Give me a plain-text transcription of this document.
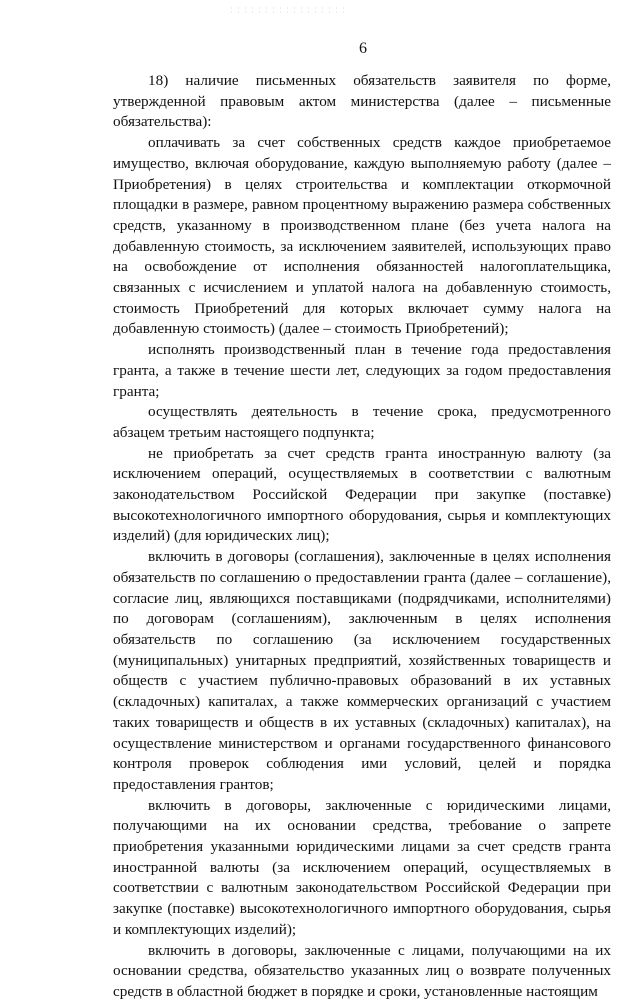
6

18) наличие письменных обязательств заявителя по форме, утвержденной правовым актом министерства (далее – письменные обязательства):

оплачивать за счет собственных средств каждое приобретаемое имущество, включая оборудование, каждую выполняемую работу (далее – Приобретения) в целях строительства и комплектации откормочной площадки в размере, равном процентному выражению размера собственных средств, указанному в производственном плане (без учета налога на добавленную стоимость, за исключением заявителей, использующих право на освобождение от исполнения обязанностей налогоплательщика, связанных с исчислением и уплатой налога на добавленную стоимость, стоимость Приобретений для которых включает сумму налога на добавленную стоимость) (далее – стоимость Приобретений);

исполнять производственный план в течение года предоставления гранта, а также в течение шести лет, следующих за годом предоставления гранта;

осуществлять деятельность в течение срока, предусмотренного абзацем третьим настоящего подпункта;

не приобретать за счет средств гранта иностранную валюту (за исключением операций, осуществляемых в соответствии с валютным законодательством Российской Федерации при закупке (поставке) высокотехнологичного импортного оборудования, сырья и комплектующих изделий) (для юридических лиц);

включить в договоры (соглашения), заключенные в целях исполнения обязательств по соглашению о предоставлении гранта (далее – соглашение), согласие лиц, являющихся поставщиками (подрядчиками, исполнителями) по договорам (соглашениям), заключенным в целях исполнения обязательств по соглашению (за исключением государственных (муниципальных) унитарных предприятий, хозяйственных товариществ и обществ с участием публично-правовых образований в их уставных (складочных) капиталах, а также коммерческих организаций с участием таких товариществ и обществ в их уставных (складочных) капиталах), на осуществление министерством и органами государственного финансового контроля проверок соблюдения ими условий, целей и порядка предоставления грантов;

включить в договоры, заключенные с юридическими лицами, получающими на их основании средства, требование о запрете приобретения указанными юридическими лицами за счет средств гранта иностранной валюты (за исключением операций, осуществляемых в соответствии с валютным законодательством Российской Федерации при закупке (поставке) высокотехнологичного импортного оборудования, сырья и комплектующих изделий);

включить в договоры, заключенные с лицами, получающими на их основании средства, обязательство указанных лиц о возврате полученных средств в областной бюджет в порядке и сроки, установленные настоящим
